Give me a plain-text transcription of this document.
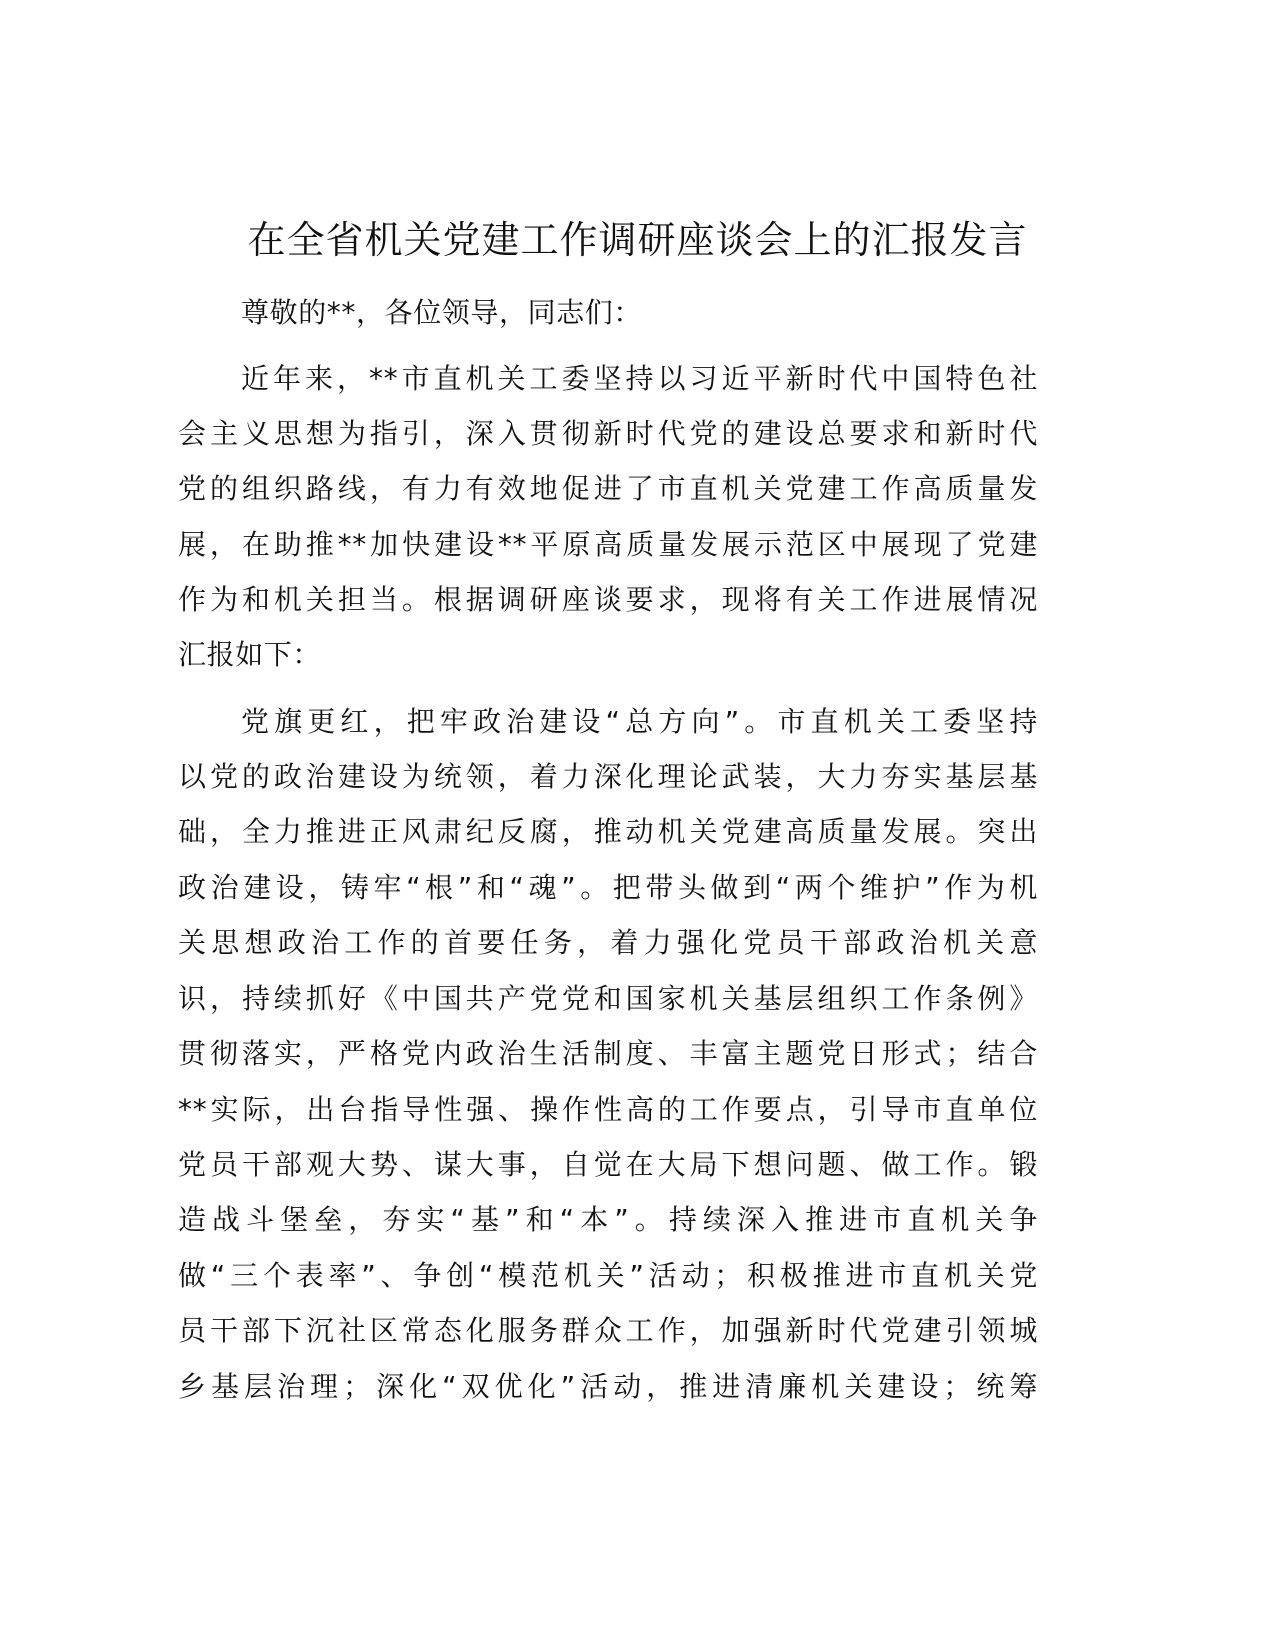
在全省机关党建工作调研座谈会上的汇报发言
尊敬的**，各位领导，同志们：
近年来，**市直机关工委坚持以习近平新时代中国特色社
会主义思想为指引，深入贯彻新时代党的建设总要求和新时代
党的组织路线，有力有效地促进了市直机关党建工作高质量发
展，在助推**加快建设**平原高质量发展示范区中展现了党建
作为和机关担当。根据调研座谈要求，现将有关工作进展情况
汇报如下：
党旗更红，把牢政治建设“总方向”。市直机关工委坚持
以党的政治建设为统领，着力深化理论武装，大力夯实基层基
础，全力推进正风肃纪反腐，推动机关党建高质量发展。突出
政治建设，铸牢“根”和“魂”。把带头做到“两个维护”作为机
关思想政治工作的首要任务，着力强化党员干部政治机关意
识，持续抓好《中国共产党党和国家机关基层组织工作条例》
贯彻落实，严格党内政治生活制度、丰富主题党日形式；结合
**实际，出台指导性强、操作性高的工作要点，引导市直单位
党员干部观大势、谋大事，自觉在大局下想问题、做工作。锻
造战斗堡垒，夯实“基”和“本”。持续深入推进市直机关争
做“三个表率”、争创“模范机关”活动；积极推进市直机关党
员干部下沉社区常态化服务群众工作，加强新时代党建引领城
乡基层治理；深化“双优化”活动，推进清廉机关建设；统筹
